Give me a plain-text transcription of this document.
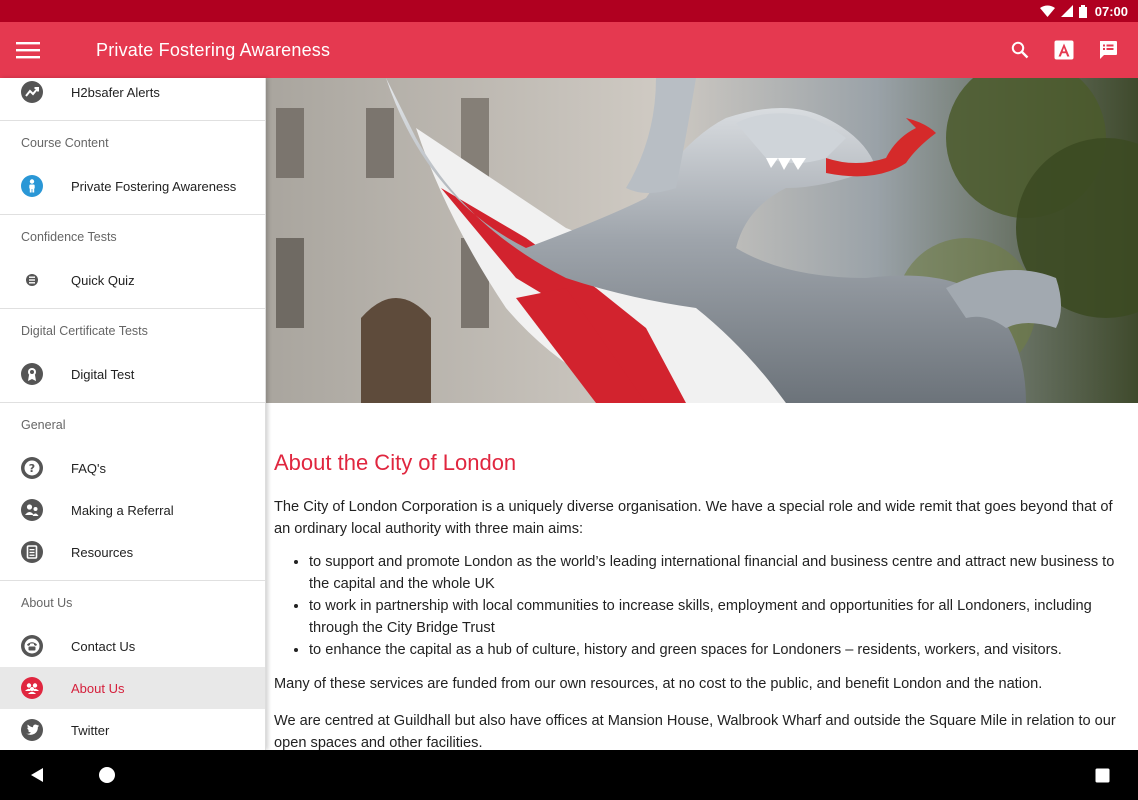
07:00
Private Fostering Awareness
H2bsafer Alerts
Course Content
Private Fostering Awareness
Confidence Tests
Quick Quiz
Digital Certificate Tests
Digital Test
General
?	FAQ's
Making a Referral
Resources
About Us
Contact Us
About Us
Twitter
About the City of London

The City of London Corporation is a uniquely diverse organisation. We have a special role and wide remit that goes beyond that of an ordinary local authority with three main aims:

• to support and promote London as the world’s leading international financial and business centre and attract new business to the capital and the whole UK
• to work in partnership with local communities to increase skills, employment and opportunities for all Londoners, including through the City Bridge Trust
• to enhance the capital as a hub of culture, history and green spaces for Londoners – residents, workers, and visitors.

Many of these services are funded from our own resources, at no cost to the public, and benefit London and the nation.

We are centred at Guildhall but also have offices at Mansion House, Walbrook Wharf and outside the Square Mile in relation to our open spaces and other facilities.
